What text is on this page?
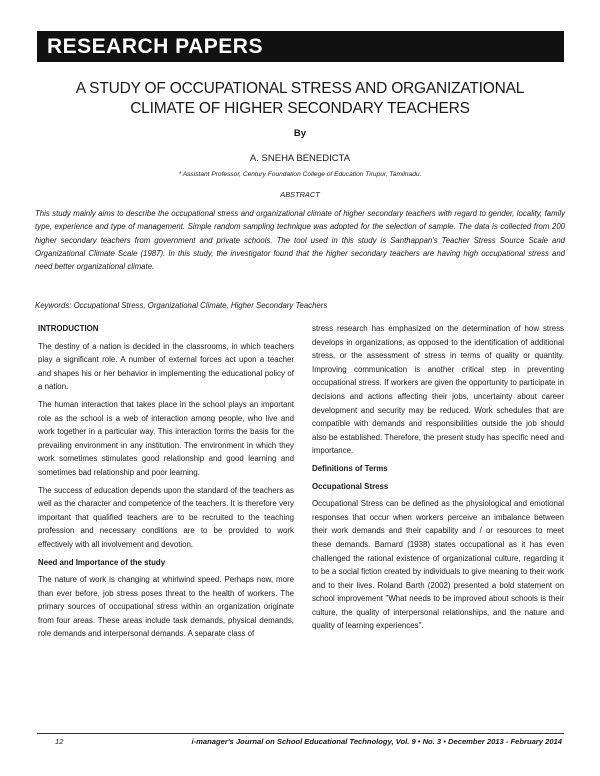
RESEARCH PAPERS
A STUDY OF OCCUPATIONAL STRESS AND ORGANIZATIONAL
CLIMATE OF HIGHER SECONDARY TEACHERS
By
A. SNEHA BENEDICTA
* Assistant Professor, Century Foundation College of Education Tirupur, Tamilnadu.
ABSTRACT

This study mainly aims to describe the occupational stress and organizational climate of higher secondary teachers with regard to gender, locality, family type, experience and type of management. Simple random sampling technique was adopted for the selection of sample. The data is collected from 200 higher secondary teachers from government and private schools. The tool used in this study is Santhappan's Teacher Stress Source Scale and Organizational Climate Scale (1987). In this study, the investigator found that the higher secondary teachers are having high occupational stress and need better organizational climate.

Keywords: Occupational Stress, Organizational Climate, Higher Secondary Teachers
INTRODUCTION

The destiny of a nation is decided in the classrooms, in which teachers play a significant role. A number of external forces act upon a teacher and shapes his or her behavior in implementing the educational policy of a nation.

The human interaction that takes place in the school plays an important role as the school is a web of interaction among people, who live and work together in a particular way. This interaction forms the basis for the prevailing environment in any institution. The environment in which they work sometimes stimulates good relationship and good learning and sometimes bad relationship and poor learning.

The success of education depends upon the standard of the teachers as well as the character and competence of the teachers. It is therefore very important that qualified teachers are to be recruited to the teaching profession and necessary conditions are to be provided to work effectively with all involvement and devotion.

Need and Importance of the study

The nature of work is changing at whirlwind speed. Perhaps now, more than ever before, job stress poses threat to the health of workers. The primary sources of occupational stress within an organization originate from four areas. These areas include task demands, physical demands, role demands and interpersonal demands. A separate class of

stress research has emphasized on the determination of how stress develops in organizations, as opposed to the identification of additional stress, or the assessment of stress in terms of quality or quantity. Improving communication is another critical step in preventing occupational stress. If workers are given the opportunity to participate in decisions and actions affecting their jobs, uncertainty about career development and security may be reduced. Work schedules that are compatible with demands and responsibilities outside the job should also be established. Therefore, the present study has specific need and importance.

Definitions of Terms
Occupational Stress

Occupational Stress can be defined as the physiological and emotional responses that occur when workers perceive an imbalance between their work demands and their capability and / or resources to meet these demands. Barnard (1938) states occupational as it has even challenged the rational existence of organizational culture, regarding it to be a social fiction created by individuals to give meaning to their work and to their lives. Roland Barth (2002) presented a bold statement on school improvement "What needs to be improved about schools is their culture, the quality of interpersonal relationships, and the nature and quality of learning experiences".

12	i-manager's Journal on School Educational Technology, Vol. 9 • No. 3 • December 2013 - February 2014
